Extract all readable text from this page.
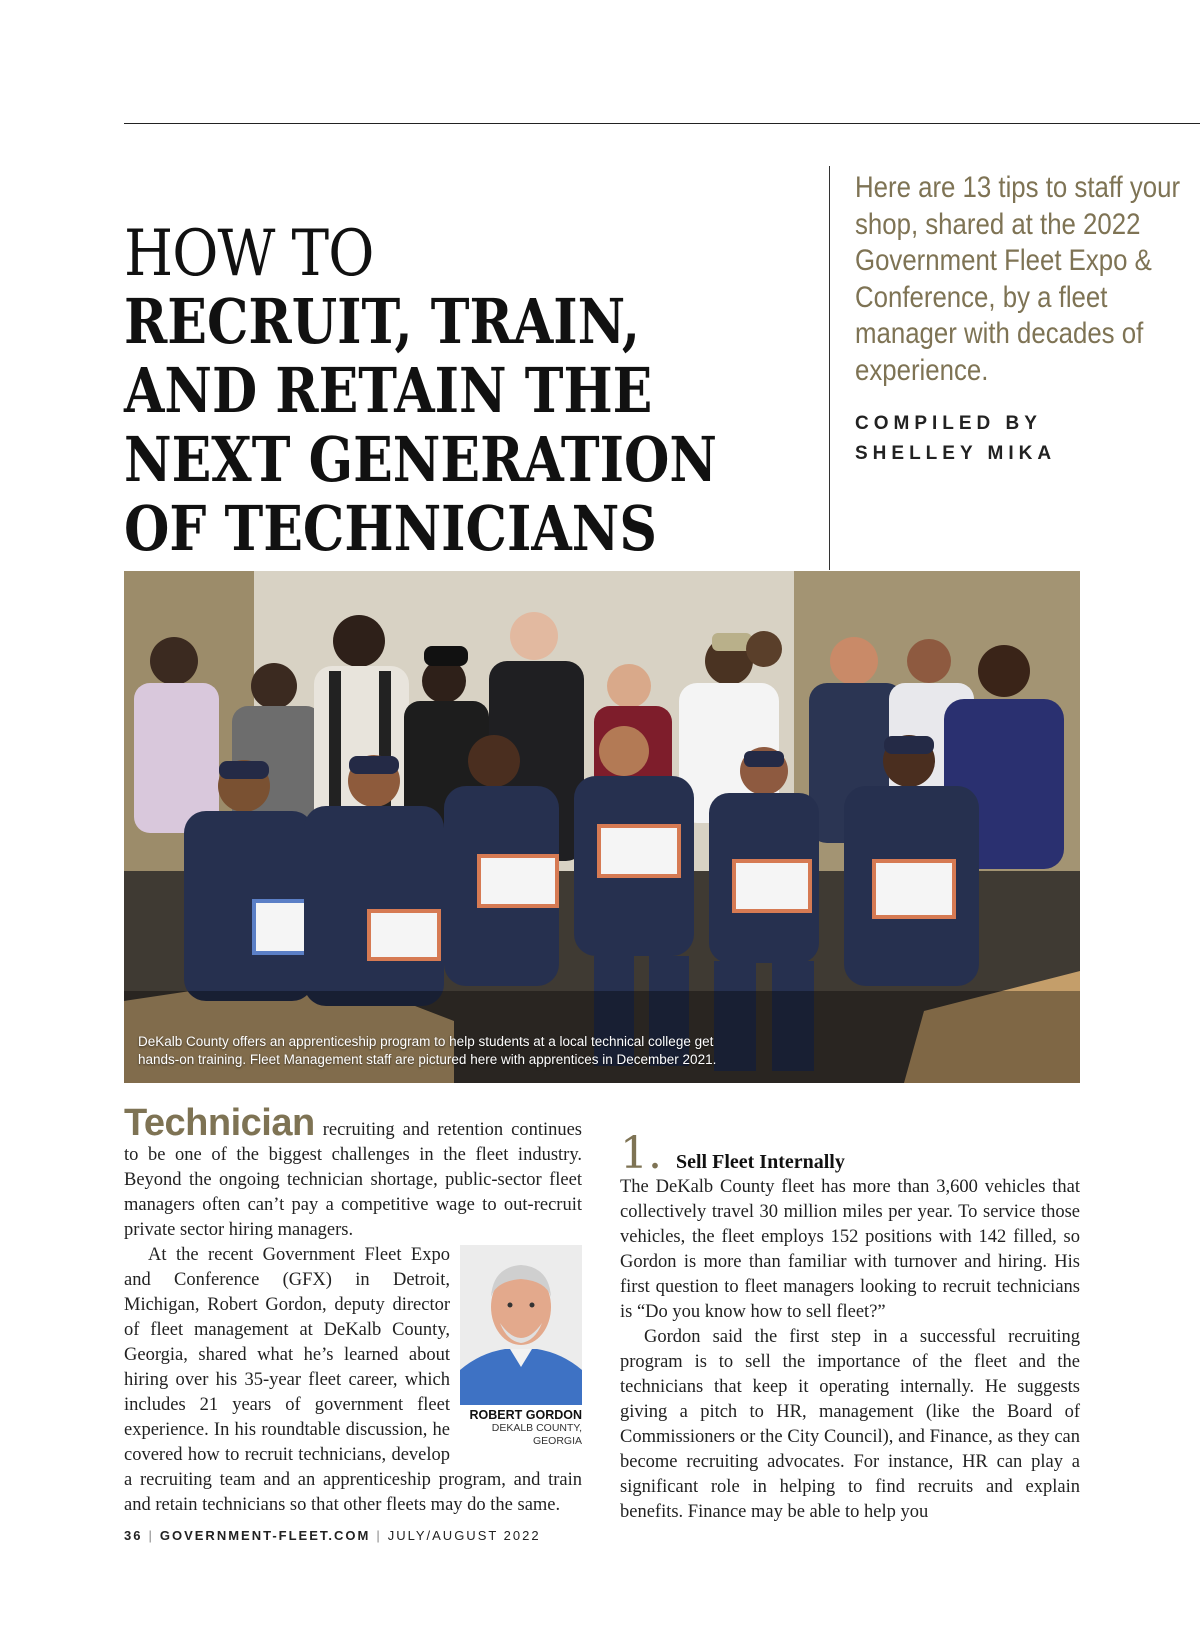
HOW TO
RECRUIT, TRAIN,
AND RETAIN THE
NEXT GENERATION
OF TECHNICIANS

Here are 13 tips to staff your shop, shared at the 2022 Government Fleet Expo & Conference, by a fleet manager with decades of experience.

COMPILED BY
SHELLEY MIKA
DeKalb County offers an apprenticeship program to help students at a local technical college get
hands-on training. Fleet Management staff are pictured here with apprentices in December 2021.

Technician recruiting and retention continues to be one of the biggest challenges in the fleet industry. Beyond the ongoing technician shortage, public-sector fleet managers often can’t pay a competitive wage to out-recruit private sector hiring managers.

ROBERT GORDON
DEKALB COUNTY, GEORGIA

At the recent Government Fleet Expo and Conference (GFX) in Detroit, Michigan, Robert Gordon, deputy director of fleet management at DeKalb County, Georgia, shared what he’s learned about hiring over his 35-year fleet career, which includes 21 years of government fleet experience. In his roundtable discussion, he covered how to recruit technicians, develop a recruiting team and an apprenticeship program, and train and retain technicians so that other fleets may do the same.

1 . Sell Fleet Internally

The DeKalb County fleet has more than 3,600 vehicles that collectively travel 30 million miles per year. To service those vehicles, the fleet employs 152 positions with 142 filled, so Gordon is more than familiar with turnover and hiring. His first question to fleet managers looking to recruit technicians is “Do you know how to sell fleet?”

Gordon said the first step in a successful recruiting program is to sell the importance of the fleet and the technicians that keep it operating internally. He suggests giving a pitch to HR, management (like the Board of Commissioners or the City Council), and Finance, as they can become recruiting advocates. For instance, HR can play a significant role in helping to find recruits and explain benefits. Finance may be able to help you

36 | GOVERNMENT-FLEET.COM | JULY/AUGUST 2022
